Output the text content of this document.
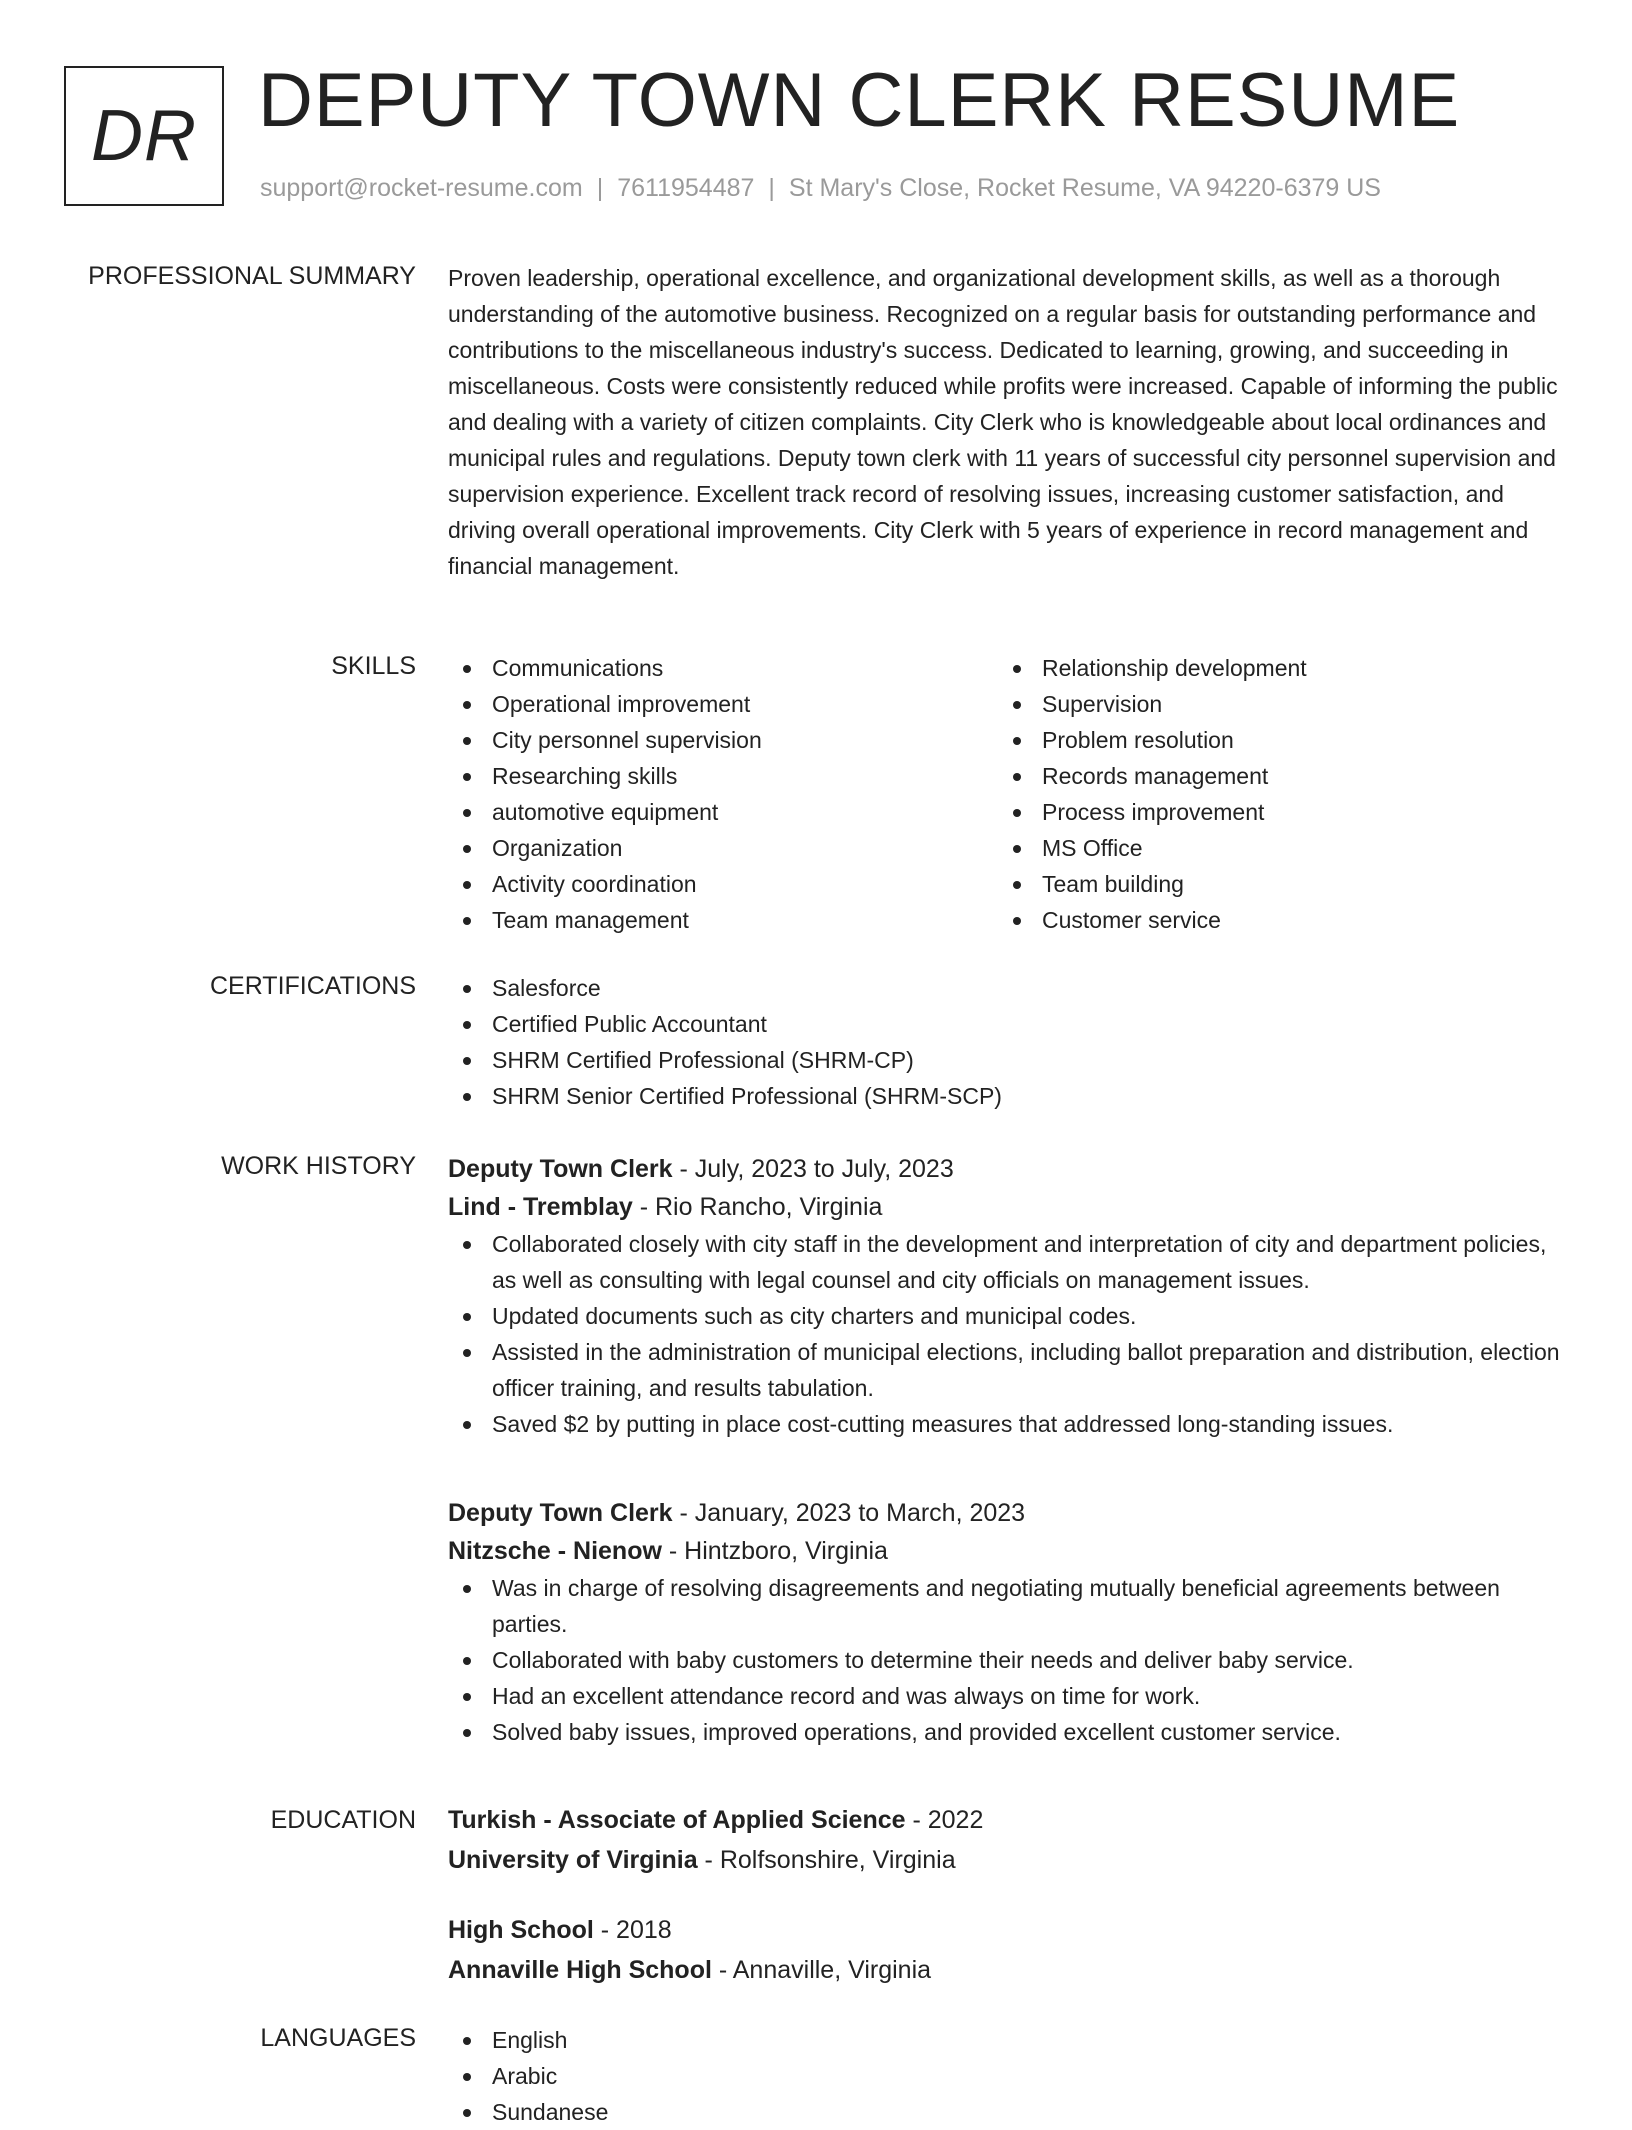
DR DEPUTY TOWN CLERK RESUME
support@rocket-resume.com | 7611954487 | St Mary's Close, Rocket Resume, VA 94220-6379 US
PROFESSIONAL SUMMARY Proven leadership, operational excellence, and organizational development skills, as well as a thorough understanding of the automotive business. Recognized on a regular basis for outstanding performance and contributions to the miscellaneous industry's success. Dedicated to learning, growing, and succeeding in miscellaneous. Costs were consistently reduced while profits were increased. Capable of informing the public and dealing with a variety of citizen complaints. City Clerk who is knowledgeable about local ordinances and municipal rules and regulations. Deputy town clerk with 11 years of successful city personnel supervision and supervision experience. Excellent track record of resolving issues, increasing customer satisfaction, and driving overall operational improvements. City Clerk with 5 years of experience in record management and financial management.
SKILLS	Communications
Operational improvement
City personnel supervision
Researching skills
automotive equipment
Organization
Activity coordination
Team management
Relationship development
Supervision
Problem resolution
Records management
Process improvement
MS Office
Team building
Customer service
CERTIFICATIONS	Salesforce
Certified Public Accountant
SHRM Certified Professional (SHRM-CP)
SHRM Senior Certified Professional (SHRM-SCP)
WORK HISTORY Deputy Town Clerk - July, 2023 to July, 2023
Lind - Tremblay - Rio Rancho, Virginia
Collaborated closely with city staff in the development and interpretation of city and department policies, as well as consulting with legal counsel and city officials on management issues.
Updated documents such as city charters and municipal codes.
Assisted in the administration of municipal elections, including ballot preparation and distribution, election officer training, and results tabulation.
Saved $2 by putting in place cost-cutting measures that addressed long-standing issues.
Deputy Town Clerk - January, 2023 to March, 2023
Nitzsche - Nienow - Hintzboro, Virginia
Was in charge of resolving disagreements and negotiating mutually beneficial agreements between parties.
Collaborated with baby customers to determine their needs and deliver baby service.
Had an excellent attendance record and was always on time for work.
Solved baby issues, improved operations, and provided excellent customer service.
EDUCATION Turkish - Associate of Applied Science - 2022
University of Virginia - Rolfsonshire, Virginia
High School - 2018
Annaville High School - Annaville, Virginia
LANGUAGES	English
Arabic
Sundanese
